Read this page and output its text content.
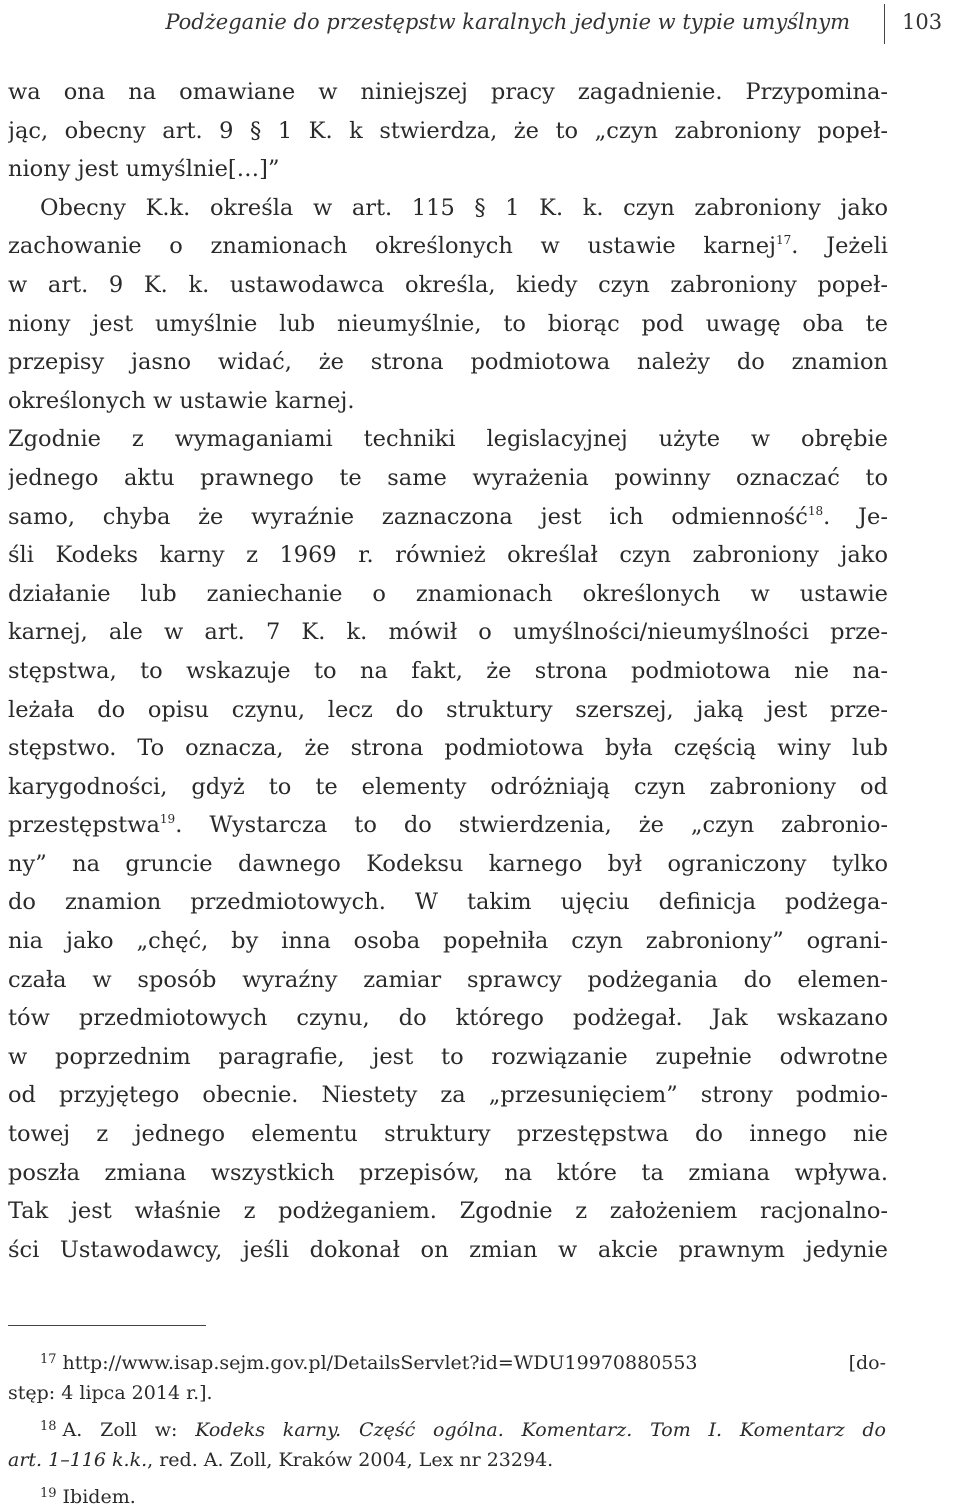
Podżeganie do przestępstw karalnych jedynie w typie umyślnym 103
wa ona na omawiane w niniejszej pracy zagadnienie. Przypomina-
jąc, obecny art. 9 § 1 K. k stwierdza, że to „czyn zabroniony popeł-
niony jest umyślnie[…]”
Obecny K.k. określa w art. 115 § 1 K. k. czyn zabroniony jako
zachowanie o znamionach określonych w ustawie karnej$^{17}$. Jeżeli
w art. 9 K. k. ustawodawca określa, kiedy czyn zabroniony popeł-
niony jest umyślnie lub nieumyślnie, to biorąc pod uwagę oba te
przepisy jasno widać, że strona podmiotowa należy do znamion
określonych w ustawie karnej.
Zgodnie z wymaganiami techniki legislacyjnej użyte w obrębie
jednego aktu prawnego te same wyrażenia powinny oznaczać to
samo, chyba że wyraźnie zaznaczona jest ich odmienność$^{18}$. Je-
śli Kodeks karny z 1969 r. również określał czyn zabroniony jako
działanie lub zaniechanie o znamionach określonych w ustawie
karnej, ale w art. 7 K. k. mówił o umyślności/nieumyślności prze-
stępstwa, to wskazuje to na fakt, że strona podmiotowa nie na-
leżała do opisu czynu, lecz do struktury szerszej, jaką jest prze-
stępstwo. To oznacza, że strona podmiotowa była częścią winy lub
karygodności, gdyż to te elementy odróżniają czyn zabroniony od
przestępstwa$^{19}$. Wystarcza to do stwierdzenia, że „czyn zabronio-
ny” na gruncie dawnego Kodeksu karnego był ograniczony tylko
do znamion przedmiotowych. W takim ujęciu definicja podżega-
nia jako „chęć, by inna osoba popełniła czyn zabroniony” ograni-
czała w sposób wyraźny zamiar sprawcy podżegania do elemen-
tów przedmiotowych czynu, do którego podżegał. Jak wskazano
w poprzednim paragrafie, jest to rozwiązanie zupełnie odwrotne
od przyjętego obecnie. Niestety za „przesunięciem” strony podmio-
towej z jednego elementu struktury przestępstwa do innego nie
poszła zmiana wszystkich przepisów, na które ta zmiana wpływa.
Tak jest właśnie z podżeganiem. Zgodnie z założeniem racjonalno-
ści Ustawodawcy, jeśli dokonał on zmian w akcie prawnym jedynie
$^{17}$ http://www.isap.sejm.gov.pl/DetailsServlet?id=WDU19970880553 [do-
stęp: 4 lipca 2014 r.].
$^{18}$ A. Zoll w: Kodeks karny. Część ogólna. Komentarz. Tom I. Komentarz do
art. 1–116 k.k., red. A. Zoll, Kraków 2004, Lex nr 23294.
$^{19}$ Ibidem.
